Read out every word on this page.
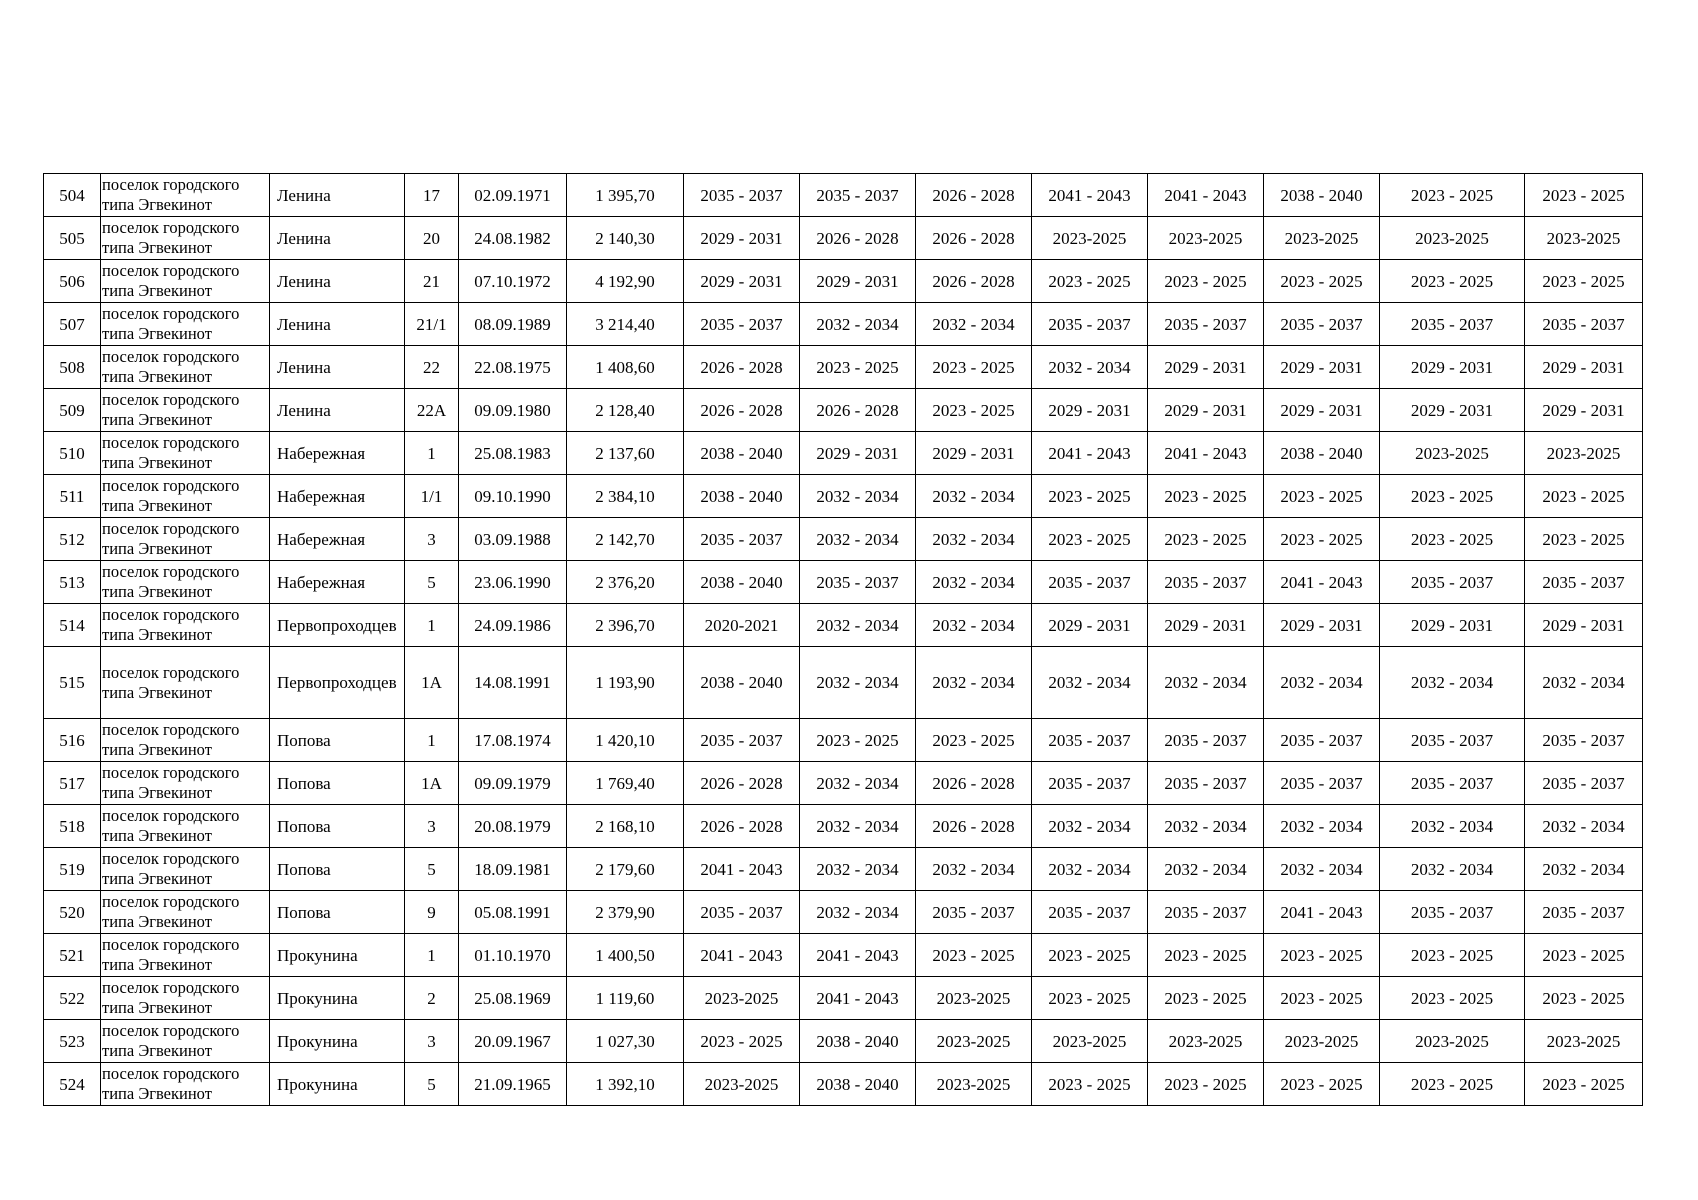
504	поселок городского типа Эгвекинот	Ленина	17	02.09.1971	1 395,70	2035 - 2037	2035 - 2037	2026 - 2028	2041 - 2043	2041 - 2043	2038 - 2040	2023 - 2025	2023 - 2025
505	поселок городского типа Эгвекинот	Ленина	20	24.08.1982	2 140,30	2029 - 2031	2026 - 2028	2026 - 2028	2023-2025	2023-2025	2023-2025	2023-2025	2023-2025
506	поселок городского типа Эгвекинот	Ленина	21	07.10.1972	4 192,90	2029 - 2031	2029 - 2031	2026 - 2028	2023 - 2025	2023 - 2025	2023 - 2025	2023 - 2025	2023 - 2025
507	поселок городского типа Эгвекинот	Ленина	21/1	08.09.1989	3 214,40	2035 - 2037	2032 - 2034	2032 - 2034	2035 - 2037	2035 - 2037	2035 - 2037	2035 - 2037	2035 - 2037
508	поселок городского типа Эгвекинот	Ленина	22	22.08.1975	1 408,60	2026 - 2028	2023 - 2025	2023 - 2025	2032 - 2034	2029 - 2031	2029 - 2031	2029 - 2031	2029 - 2031
509	поселок городского типа Эгвекинот	Ленина	22А	09.09.1980	2 128,40	2026 - 2028	2026 - 2028	2023 - 2025	2029 - 2031	2029 - 2031	2029 - 2031	2029 - 2031	2029 - 2031
510	поселок городского типа Эгвекинот	Набережная	1	25.08.1983	2 137,60	2038 - 2040	2029 - 2031	2029 - 2031	2041 - 2043	2041 - 2043	2038 - 2040	2023-2025	2023-2025
511	поселок городского типа Эгвекинот	Набережная	1/1	09.10.1990	2 384,10	2038 - 2040	2032 - 2034	2032 - 2034	2023 - 2025	2023 - 2025	2023 - 2025	2023 - 2025	2023 - 2025
512	поселок городского типа Эгвекинот	Набережная	3	03.09.1988	2 142,70	2035 - 2037	2032 - 2034	2032 - 2034	2023 - 2025	2023 - 2025	2023 - 2025	2023 - 2025	2023 - 2025
513	поселок городского типа Эгвекинот	Набережная	5	23.06.1990	2 376,20	2038 - 2040	2035 - 2037	2032 - 2034	2035 - 2037	2035 - 2037	2041 - 2043	2035 - 2037	2035 - 2037
514	поселок городского типа Эгвекинот	Первопроходцев	1	24.09.1986	2 396,70	2020-2021	2032 - 2034	2032 - 2034	2029 - 2031	2029 - 2031	2029 - 2031	2029 - 2031	2029 - 2031
515	поселок городского типа Эгвекинот	Первопроходцев	1А	14.08.1991	1 193,90	2038 - 2040	2032 - 2034	2032 - 2034	2032 - 2034	2032 - 2034	2032 - 2034	2032 - 2034	2032 - 2034
516	поселок городского типа Эгвекинот	Попова	1	17.08.1974	1 420,10	2035 - 2037	2023 - 2025	2023 - 2025	2035 - 2037	2035 - 2037	2035 - 2037	2035 - 2037	2035 - 2037
517	поселок городского типа Эгвекинот	Попова	1А	09.09.1979	1 769,40	2026 - 2028	2032 - 2034	2026 - 2028	2035 - 2037	2035 - 2037	2035 - 2037	2035 - 2037	2035 - 2037
518	поселок городского типа Эгвекинот	Попова	3	20.08.1979	2 168,10	2026 - 2028	2032 - 2034	2026 - 2028	2032 - 2034	2032 - 2034	2032 - 2034	2032 - 2034	2032 - 2034
519	поселок городского типа Эгвекинот	Попова	5	18.09.1981	2 179,60	2041 - 2043	2032 - 2034	2032 - 2034	2032 - 2034	2032 - 2034	2032 - 2034	2032 - 2034	2032 - 2034
520	поселок городского типа Эгвекинот	Попова	9	05.08.1991	2 379,90	2035 - 2037	2032 - 2034	2035 - 2037	2035 - 2037	2035 - 2037	2041 - 2043	2035 - 2037	2035 - 2037
521	поселок городского типа Эгвекинот	Прокунина	1	01.10.1970	1 400,50	2041 - 2043	2041 - 2043	2023 - 2025	2023 - 2025	2023 - 2025	2023 - 2025	2023 - 2025	2023 - 2025
522	поселок городского типа Эгвекинот	Прокунина	2	25.08.1969	1 119,60	2023-2025	2041 - 2043	2023-2025	2023 - 2025	2023 - 2025	2023 - 2025	2023 - 2025	2023 - 2025
523	поселок городского типа Эгвекинот	Прокунина	3	20.09.1967	1 027,30	2023 - 2025	2038 - 2040	2023-2025	2023-2025	2023-2025	2023-2025	2023-2025	2023-2025
524	поселок городского типа Эгвекинот	Прокунина	5	21.09.1965	1 392,10	2023-2025	2038 - 2040	2023-2025	2023 - 2025	2023 - 2025	2023 - 2025	2023 - 2025	2023 - 2025
